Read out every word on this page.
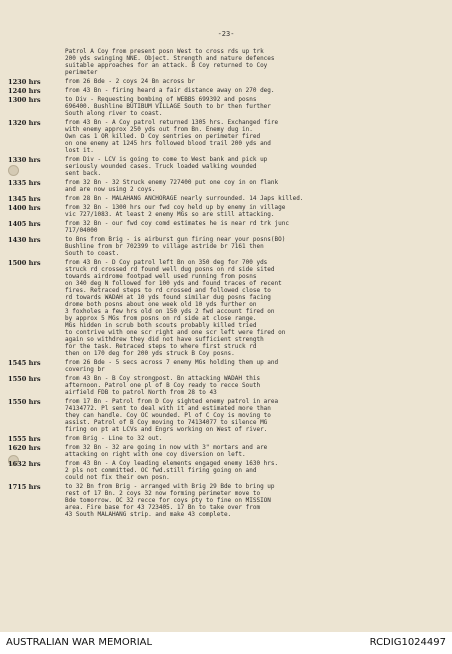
-23-
Patrol A Coy from present posn West to cross rds up trk
200 yds swinging NNE. Object. Strength and nature defences
suitable approaches for an attack. B Coy returned to Coy
perimeter
1230 hrs	from 26 Bde - 2 coys 24 Bn across br
1240 hrs	from 43 Bn - firing heard a fair distance away on 270 deg.
1300 hrs	to Div - Requesting bombing of WEBBS 699392 and posns
696400. Bushline BUTIBUM VILLAGE South to br then further
South along river to coast.
1320 hrs	from 43 Bn - A Coy patrol returned 1305 hrs. Exchanged fire
with enemy approx 250 yds out from Bn. Enemy dug in.
Own cas 1 OR killed. D Coy sentries on perimeter fired
on one enemy at 1245 hrs followed blood trail 200 yds and
lost it.
1330 hrs	from Div - LCV is going to come to West bank and pick up
seriously wounded cases. Truck loaded walking wounded
sent back.
1335 hrs	from 32 Bn - 32 Struck enemy 727400 put one coy in on flank
and are now using 2 coys.
1345 hrs	from 28 Bn - MALAHANG ANCHORAGE nearly surrounded. 14 Japs killed.
1400 hrs	from 32 Bn - 1300 hrs our fwd coy held up by enemy in village
vic 727/1083. At least 2 enemy MGs so are still attacking.
1405 hrs	from 32 Bn - our fwd coy comd estimates he is near rd trk junc
717/04000
1430 hrs	to Bns from Brig - is airburst gun firing near your posns(BO)
Bushline from br 702399 to village astride br 7161 then
South to coast.
1500 hrs	from 43 Bn - D Coy patrol left Bn on 350 deg for 700 yds
struck rd crossed rd found well dug posns on rd side sited
towards airdrome footpad well used running from posns
on 340 deg N followed for 100 yds and found traces of recent
fires. Retraced steps to rd crossed and followed close to
rd towards WADAH at 10 yds found similar dug posns facing
drome both posns about one week old 10 yds further on
3 foxholes a few hrs old on 150 yds 2 fwd account fired on
by approx 5 MGs from posns on rd side at close range.
MGs hidden in scrub both scouts probably killed tried
to contrive with one scr right and one scr left were fired on
again so withdrew they did not have sufficient strength
for the task. Retraced steps to where first struck rd
then on 170 deg for 200 yds struck B Coy posns.
1545 hrs	from 26 Bde - 5 secs across 7 enemy MGs holding them up and
covering br
1550 hrs	from 43 Bn - B Coy strongpost. Bn attacking WADAH this
afternoon. Patrol one pl of B Coy ready to recce South
airfield FDB to patrol North from 28 to 43
1550 hrs	from 17 Bn - Patrol from D Coy sighted enemy patrol in area
74134772. Pl sent to deal with it and estimated more than
they can handle. Coy OC wounded. Pl of C Coy is moving to
assist. Patrol of B Coy moving to 74134077 to silence MG
firing on pt at LCVs and Engrs working on West of river.
1555 hrs	from Brig - Line to 32 out.
1620 hrs	from 32 Bn - 32 are going in now with 3" mortars and are
attacking on right with one coy diversion on left.
1632 hrs	from 43 Bn - A Coy leading elements engaged enemy 1630 hrs.
2 pls not committed. OC fwd.still firing going on and
could not fix their own posn.
1715 hrs	to 32 Bn from Brig - arranged with Brig 29 Bde to bring up
rest of 17 Bn. 2 coys 32 now forming perimeter move to
Bde tomorrow. OC 32 recce for coys pty to fine on MISSION
area. Fire base for 43 723405. 17 Bn to take over from
43 South MALAHANG strip. and make 43 complete.
AUSTRALIAN WAR MEMORIAL	RCDIG1024497
